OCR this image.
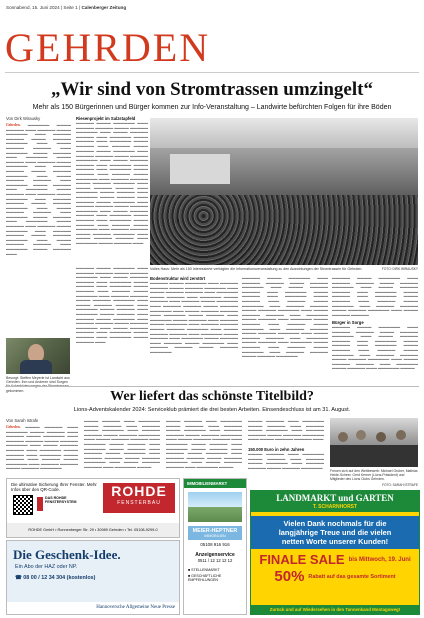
Sonnabend, 15. Juni 2024 | Seite 1 | Calenberger Zeitung
GEHRDEN
„Wir sind von Stromtrassen umzingelt“
Mehr als 150 Bürgerinnen und Bürger kommen zur Info-Veranstaltung – Landwirte befürchten Folgen für ihre Böden
Von Dirk Wirausky
Gehrden. ▬▬▬▬▬▬ ▬▬▬▬ ▬▬▬▬▬ ▬▬▬ ▬▬▬▬▬ ▬▬▬▬ ▬▬▬▬▬▬ ▬▬▬ ▬▬▬▬▬ ▬▬▬▬▬ ▬▬▬▬ ▬▬▬▬▬ ▬▬▬▬▬▬ ▬▬▬ ▬▬▬▬ ▬▬▬▬▬ ▬▬▬▬▬ ▬▬▬ ▬▬▬▬▬▬ ▬▬▬▬ ▬▬▬▬▬ ▬▬▬ ▬▬▬▬▬▬ ▬▬▬▬ ▬▬▬▬▬ ▬▬▬ ▬▬▬▬▬ ▬▬▬▬ ▬▬▬▬▬▬ ▬▬▬ ▬▬▬▬▬ ▬▬▬▬▬ ▬▬▬▬ ▬▬▬▬▬ ▬▬▬▬▬▬ ▬▬▬ ▬▬▬▬ ▬▬▬▬▬ ▬▬▬▬▬ ▬▬▬ ▬▬▬▬▬▬ ▬▬▬▬ ▬▬▬▬▬ ▬▬▬ ▬▬▬▬▬▬ ▬▬▬▬ ▬▬▬▬▬ ▬▬▬ ▬▬▬▬▬ ▬▬▬▬ ▬▬▬▬▬▬ ▬▬▬ ▬▬▬▬▬ ▬▬▬▬▬ ▬▬▬▬ ▬▬▬▬▬ ▬▬▬▬▬▬ ▬▬▬ ▬▬▬▬ ▬▬▬▬▬ ▬▬▬▬▬ ▬▬▬ ▬▬▬▬▬▬ ▬▬▬▬ ▬▬▬▬▬ ▬▬▬ ▬▬▬▬▬▬ ▬▬▬▬ ▬▬▬▬▬ ▬▬▬ ▬▬▬▬▬ ▬▬▬▬ ▬▬▬▬▬▬ ▬▬▬ ▬▬▬▬▬ ▬▬▬▬▬ ▬▬▬▬ ▬▬▬▬▬ ▬▬▬▬▬▬ ▬▬▬ ▬▬▬▬ ▬▬▬▬▬ ▬▬▬▬▬ ▬▬▬ ▬▬▬▬▬▬ ▬▬▬▬ ▬▬▬▬▬ ▬▬▬
Besorgt: Steffen Meyerle ist Landwirt aus Gehrden. Ihm und Anderen sind Sorgen gekommen.
Riesenprojekt im Salzstapfeld
▬▬▬▬▬ ▬▬▬▬ ▬▬▬▬▬▬ ▬▬▬ ▬▬▬▬▬ ▬▬▬▬▬ ▬▬▬▬ ▬▬▬▬▬ ▬▬▬▬▬▬ ▬▬▬ ▬▬▬▬ ▬▬▬▬▬ ▬▬▬▬▬ ▬▬▬ ▬▬▬▬▬▬ ▬▬▬▬ ▬▬▬▬▬ ▬▬▬ ▬▬▬▬▬▬ ▬▬▬▬ ▬▬▬▬▬ ▬▬▬ ▬▬▬▬▬ ▬▬▬▬
▬▬▬▬▬ ▬▬▬▬ ▬▬▬▬▬▬ ▬▬▬ ▬▬▬▬▬ ▬▬▬▬▬ ▬▬▬▬ ▬▬▬▬▬ ▬▬▬▬▬▬ ▬▬▬ ▬▬▬▬ ▬▬▬▬▬ ▬▬▬▬▬ ▬▬▬ ▬▬▬▬▬▬ ▬▬▬▬ ▬▬▬▬▬ ▬▬▬ ▬▬▬▬▬▬ ▬▬▬▬ ▬▬▬▬▬ ▬▬▬ ▬▬▬▬▬ ▬▬▬▬ ▬▬▬▬▬▬ ▬▬▬ ▬▬▬▬▬ ▬▬▬▬▬ ▬▬▬▬ ▬▬▬▬▬ ▬▬▬▬▬▬ ▬▬▬ ▬▬▬▬ ▬▬▬▬▬ ▬▬▬▬▬ ▬▬▬ ▬▬▬▬▬▬ ▬▬▬▬ ▬▬▬▬▬ ▬▬▬ ▬▬▬▬▬▬ ▬▬▬▬ ▬▬▬▬▬ ▬▬▬ ▬▬▬▬▬ ▬▬▬▬ ▬▬▬▬▬▬ ▬▬▬ ▬▬▬▬▬ ▬▬▬▬▬ ▬▬▬▬ ▬▬▬▬▬ ▬▬▬▬▬▬ ▬▬▬ ▬▬▬▬ ▬▬▬▬▬ ▬▬▬▬▬ ▬▬▬ ▬▬▬▬▬▬ ▬▬▬▬ ▬▬▬▬▬ ▬▬▬ ▬▬▬▬▬▬ ▬▬▬▬ ▬▬▬▬▬ ▬▬▬ ▬▬▬▬▬ ▬▬▬▬ ▬▬▬▬▬▬ ▬▬▬ ▬▬▬▬▬ ▬▬▬▬▬ ▬▬▬▬ ▬▬▬▬▬ ▬▬▬▬▬▬ ▬▬▬ ▬▬▬▬ ▬▬▬▬▬ ▬▬▬▬▬ ▬▬▬ ▬▬▬▬▬▬ ▬▬▬▬ ▬▬▬▬▬ ▬▬▬
Volles Haus: Mehr als 150 Interessierte verfolgten die Informationsveranstaltung zu den Auswirkungen der Stromtrassen für Gehrden.	FOTO: DIRK WIRAUSKY
▬▬▬▬▬ ▬▬▬▬ ▬▬▬▬▬▬ ▬▬▬ ▬▬▬▬▬ ▬▬▬▬▬ ▬▬▬▬ ▬▬▬▬▬ ▬▬▬▬▬▬ ▬▬▬ ▬▬▬▬ ▬▬▬▬▬ ▬▬▬▬▬ ▬▬▬ ▬▬▬▬▬▬ ▬▬▬▬ ▬▬▬▬▬ ▬▬▬ ▬▬▬▬▬▬ ▬▬▬▬ ▬▬▬▬▬ ▬▬▬ ▬▬▬▬▬ ▬▬▬▬ ▬▬▬▬▬▬ ▬▬▬ ▬▬▬▬▬ ▬▬▬▬▬ ▬▬▬▬ ▬▬▬▬▬ ▬▬▬▬▬▬ ▬▬▬ ▬▬▬▬ ▬▬▬▬▬ ▬▬▬▬▬ ▬▬▬ ▬▬▬▬▬▬ ▬▬▬▬ ▬▬▬▬▬ ▬▬▬ ▬▬▬▬▬▬ ▬▬▬▬ ▬▬▬▬▬ ▬▬▬ ▬▬▬▬▬ ▬▬▬▬ ▬▬▬▬▬▬ ▬▬▬ ▬▬▬▬▬ ▬▬▬▬▬ ▬▬▬▬ ▬▬▬▬▬ ▬▬▬▬▬▬ ▬▬▬ ▬▬▬▬ ▬▬▬▬▬ ▬▬▬▬▬ ▬▬▬ ▬▬▬▬▬▬ ▬▬▬▬ ▬▬▬▬▬ ▬▬▬ ▬▬▬▬▬▬ ▬▬▬▬ ▬▬▬▬▬ ▬▬▬
Bodenstruktur wird zerstört
▬▬▬▬▬ ▬▬▬▬ ▬▬▬▬▬▬ ▬▬▬ ▬▬▬▬▬ ▬▬▬▬▬ ▬▬▬▬ ▬▬▬▬▬ ▬▬▬▬▬▬ ▬▬▬ ▬▬▬▬ ▬▬▬▬▬ ▬▬▬▬▬ ▬▬▬ ▬▬▬▬▬▬ ▬▬▬▬ ▬▬▬▬▬ ▬▬▬ ▬▬▬▬▬▬ ▬▬▬▬ ▬▬▬▬▬ ▬▬▬ ▬▬▬▬▬ ▬▬▬▬ ▬▬▬▬▬▬ ▬▬▬ ▬▬▬▬▬ ▬▬▬▬▬ ▬▬▬▬ ▬▬▬▬▬ ▬▬▬▬▬▬ ▬▬▬ ▬▬▬▬ ▬▬▬▬▬ ▬▬▬▬▬ ▬▬▬ ▬▬▬▬▬▬ ▬▬▬▬ ▬▬▬▬▬ ▬▬▬ ▬▬▬▬▬▬ ▬▬▬▬ ▬▬▬▬▬ ▬▬▬ ▬▬▬▬▬ ▬▬▬▬ ▬▬▬▬▬▬ ▬▬▬ ▬▬▬▬▬ ▬▬▬▬▬ ▬▬▬▬ ▬▬▬▬▬ ▬▬▬▬▬▬ ▬▬▬ ▬▬▬▬ ▬▬▬▬▬ ▬▬▬▬▬ ▬▬▬ ▬▬▬▬▬▬ ▬▬▬▬ ▬▬▬▬▬ ▬▬▬ ▬▬▬▬▬▬ ▬▬▬▬ ▬▬▬▬▬ ▬▬▬ ▬▬▬▬▬ ▬▬▬▬ ▬▬▬▬▬▬ ▬▬▬ ▬▬▬▬▬ ▬▬▬▬▬ ▬▬▬▬ ▬▬▬▬▬ ▬▬▬▬▬▬
▬▬▬▬▬ ▬▬▬▬ ▬▬▬▬▬▬ ▬▬▬ ▬▬▬▬▬ ▬▬▬▬▬ ▬▬▬▬ ▬▬▬▬▬ ▬▬▬▬▬▬ ▬▬▬ ▬▬▬▬ ▬▬▬▬▬ ▬▬▬▬▬ ▬▬▬ ▬▬▬▬▬▬ ▬▬▬▬ ▬▬▬▬▬ ▬▬▬ ▬▬▬▬▬▬ ▬▬▬▬ ▬▬▬▬▬ ▬▬▬ ▬▬▬▬▬ ▬▬▬▬ ▬▬▬▬▬▬ ▬▬▬ ▬▬▬▬▬ ▬▬▬▬▬ ▬▬▬▬ ▬▬▬▬▬ ▬▬▬▬▬▬ ▬▬▬ ▬▬▬▬ ▬▬▬▬▬ ▬▬▬▬▬ ▬▬▬ ▬▬▬▬▬▬ ▬▬▬▬ ▬▬▬▬▬ ▬▬▬ ▬▬▬▬▬▬ ▬▬▬▬ ▬▬▬▬▬ ▬▬▬ ▬▬▬▬▬ ▬▬▬▬ ▬▬▬▬▬▬ ▬▬▬ ▬▬▬▬▬ ▬▬▬▬▬ ▬▬▬▬ ▬▬▬▬▬ ▬▬▬▬▬▬ ▬▬▬ ▬▬▬▬ ▬▬▬▬▬ ▬▬▬▬▬ ▬▬▬ ▬▬▬▬▬▬ ▬▬▬▬ ▬▬▬▬▬ ▬▬▬ ▬▬▬▬▬▬ ▬▬▬▬ ▬▬▬▬▬ ▬▬▬ ▬▬▬▬▬ ▬▬▬▬ ▬▬▬▬▬▬ ▬▬▬ ▬▬▬▬▬ ▬▬▬▬▬ ▬▬▬▬ ▬▬▬▬▬ ▬▬▬▬▬▬
▬▬▬▬▬ ▬▬▬▬ ▬▬▬▬▬▬ ▬▬▬ ▬▬▬▬▬ ▬▬▬▬▬ ▬▬▬▬ ▬▬▬▬▬ ▬▬▬▬▬▬ ▬▬▬ ▬▬▬▬ ▬▬▬▬▬ ▬▬▬▬▬ ▬▬▬ ▬▬▬▬▬▬ ▬▬▬▬ ▬▬▬▬▬ ▬▬▬ ▬▬▬▬▬▬ ▬▬▬▬ ▬▬▬▬▬ ▬▬▬ ▬▬▬▬▬ ▬▬▬▬ ▬▬▬▬▬▬ ▬▬▬ ▬▬▬▬▬ ▬▬▬▬▬ ▬▬▬▬ ▬▬▬▬▬ ▬▬▬▬▬▬ ▬▬▬ ▬▬▬▬ ▬▬▬▬▬ ▬▬▬▬▬
Bürger in Sorge
▬▬▬▬▬ ▬▬▬▬ ▬▬▬▬▬▬ ▬▬▬ ▬▬▬▬▬ ▬▬▬▬▬ ▬▬▬▬ ▬▬▬▬▬ ▬▬▬▬▬▬ ▬▬▬ ▬▬▬▬ ▬▬▬▬▬ ▬▬▬▬▬ ▬▬▬ ▬▬▬▬▬▬ ▬▬▬▬ ▬▬▬▬▬ ▬▬▬ ▬▬▬▬▬▬ ▬▬▬▬ ▬▬▬▬▬ ▬▬▬ ▬▬▬▬▬ ▬▬▬▬ ▬▬▬▬▬▬ ▬▬▬ ▬▬▬▬▬ ▬▬▬▬▬ ▬▬▬▬ ▬▬▬▬▬ ▬▬▬▬▬▬ ▬▬▬ ▬▬▬▬ ▬▬▬▬▬ ▬▬▬▬▬ ▬▬▬ ▬▬▬▬▬▬ ▬▬▬▬ ▬▬▬▬▬ ▬▬▬ ▬▬▬▬▬▬ ▬▬▬▬
Wer liefert das schönste Titelbild?
Lions-Adventskalender 2024: Serviceklub prämiert die drei besten Arbeiten. Einsendeschluss ist am 31. August.
Von Sarah Istrafe
Gehrden. ▬▬▬▬ ▬▬▬▬▬ ▬▬▬ ▬▬▬▬▬▬ ▬▬▬▬ ▬▬▬▬▬ ▬▬▬ ▬▬▬▬▬ ▬▬▬▬ ▬▬▬▬▬▬ ▬▬▬ ▬▬▬▬▬ ▬▬▬▬▬ ▬▬▬▬ ▬▬▬▬▬ ▬▬▬▬▬▬ ▬▬▬ ▬▬▬▬ ▬▬▬▬▬ ▬▬▬▬▬ ▬▬▬ ▬▬▬▬▬▬ ▬▬▬▬ ▬▬▬▬▬ ▬▬▬ ▬▬▬▬▬▬ ▬▬▬▬ ▬▬▬▬▬ ▬▬▬ ▬▬▬▬▬ ▬▬▬▬ ▬▬▬▬▬▬ ▬▬▬ ▬▬▬▬▬ ▬▬▬▬▬ ▬▬▬▬ ▬▬▬▬▬ ▬▬▬▬▬▬
▬▬▬▬ ▬▬▬▬▬ ▬▬▬ ▬▬▬▬▬▬ ▬▬▬▬ ▬▬▬▬▬ ▬▬▬ ▬▬▬▬▬ ▬▬▬▬ ▬▬▬▬▬▬ ▬▬▬ ▬▬▬▬▬ ▬▬▬▬▬ ▬▬▬▬ ▬▬▬▬▬ ▬▬▬▬▬▬ ▬▬▬ ▬▬▬▬ ▬▬▬▬▬ ▬▬▬▬▬ ▬▬▬ ▬▬▬▬▬▬ ▬▬▬▬ ▬▬▬▬▬ ▬▬▬ ▬▬▬▬▬▬ ▬▬▬▬ ▬▬▬▬▬ ▬▬▬ ▬▬▬▬▬ ▬▬▬▬ ▬▬▬▬▬▬ ▬▬▬ ▬▬▬▬▬ ▬▬▬▬▬ ▬▬▬▬ ▬▬▬▬▬ ▬▬▬▬▬▬ ▬▬▬ ▬▬▬▬ ▬▬▬▬▬ ▬▬▬▬▬ ▬▬▬ ▬▬▬▬▬▬ ▬▬▬▬
▬▬▬▬ ▬▬▬▬▬ ▬▬▬ ▬▬▬▬▬▬ ▬▬▬▬ ▬▬▬▬▬ ▬▬▬ ▬▬▬▬▬ ▬▬▬▬ ▬▬▬▬▬▬ ▬▬▬ ▬▬▬▬▬ ▬▬▬▬▬ ▬▬▬▬ ▬▬▬▬▬ ▬▬▬▬▬▬ ▬▬▬ ▬▬▬▬ ▬▬▬▬▬ ▬▬▬▬▬ ▬▬▬ ▬▬▬▬▬▬ ▬▬▬▬ ▬▬▬▬▬ ▬▬▬ ▬▬▬▬▬▬ ▬▬▬▬ ▬▬▬▬▬ ▬▬▬ ▬▬▬▬▬ ▬▬▬▬ ▬▬▬▬▬▬ ▬▬▬ ▬▬▬▬▬ ▬▬▬▬▬ ▬▬▬▬ ▬▬▬▬▬ ▬▬▬▬▬▬ ▬▬▬ ▬▬▬▬ ▬▬▬▬▬ ▬▬▬▬▬ ▬▬▬ ▬▬▬▬▬▬ ▬▬▬▬
▬▬▬▬ ▬▬▬▬▬ ▬▬▬ ▬▬▬▬▬▬ ▬▬▬▬ ▬▬▬▬▬ ▬▬▬ ▬▬▬▬▬ ▬▬▬▬ ▬▬▬▬▬▬ ▬▬▬ ▬▬▬▬▬ ▬▬▬▬▬ ▬▬▬▬ ▬▬▬▬▬ ▬▬▬▬▬▬ ▬▬▬ ▬▬▬▬ ▬▬▬▬▬ ▬▬▬▬▬ ▬▬▬
150.000 Euro in zehn Jahren
▬▬▬▬ ▬▬▬▬▬ ▬▬▬ ▬▬▬▬▬▬ ▬▬▬▬ ▬▬▬▬▬ ▬▬▬ ▬▬▬▬▬ ▬▬▬▬ ▬▬▬▬▬▬ ▬▬▬ ▬▬▬▬▬ ▬▬▬▬▬ ▬▬▬▬ ▬▬▬▬▬ ▬▬▬▬▬▬
Freuen sich auf den Wettbewerb: Michael Gruber, Mathias Heide-Scheer, Gerd Kerner (Lions-Präsident) und Mitglieder des Lions Clubs Gehrden.
FOTO: SARAH ISTRAFE
Die ultimative Sicherung Ihrer Fenster. Mehr Infos über den QR-Code.
DAS ROHDE FENSTERSYSTEM
ROHDE
FENSTERBAU
ROHDE GmbH • Ronnenberger Str. 29 • 30989 Gehrden • Tel. 05108-9299-0
Die Geschenk-Idee.
Ein Abo der HAZ oder NP.
☎ 08 00 / 12 34 304 (kostenlos)
Hannoversche Allgemeine Neue Presse
IMMOBILIENMARKT
MEIER-HEPTNER
IMMOBILIEN
05108 916 916
Anzeigenservice
0511 / 12 12 12 12
■ STELLENMARKT
■ GESCHÄFTLICHE EMPFEHLUNGEN
LANDMARKT und GARTEN
T. SCHARNHORST
Vielen Dank nochmals für die
langjährige Treue und die vielen
netten Worte unserer Kunden!
FINALE SALE bis Mittwoch, 19. Juni
50% Rabatt auf das gesamte Sortiment
Zurück und auf Wiedersehen in den Tannenkand Montagsweg!
